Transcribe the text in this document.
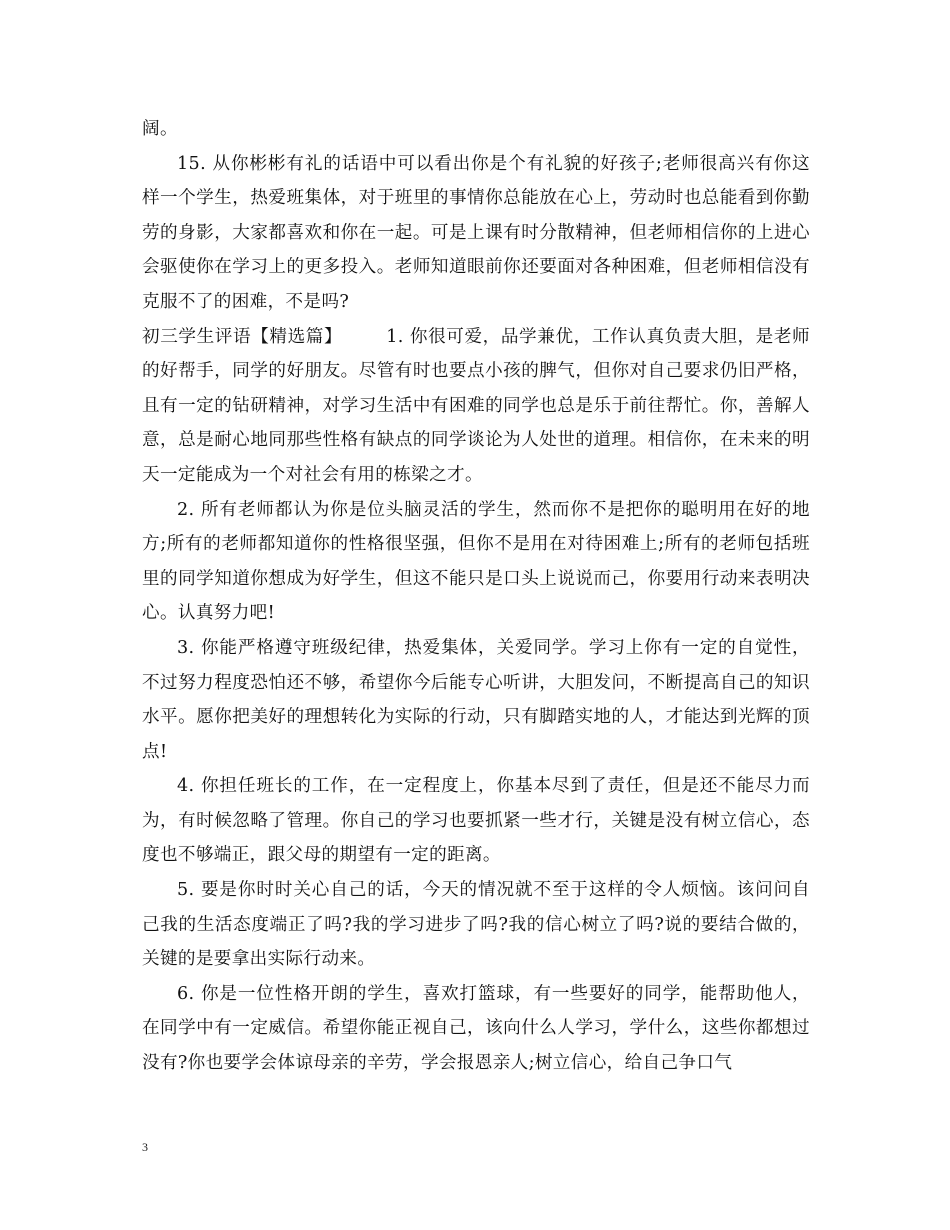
阔。

15. 从你彬彬有礼的话语中可以看出你是个有礼貌的好孩子;老师很高兴有你这样一个学生，热爱班集体，对于班里的事情你总能放在心上，劳动时也总能看到你勤劳的身影，大家都喜欢和你在一起。可是上课有时分散精神，但老师相信你的上进心会驱使你在学习上的更多投入。老师知道眼前你还要面对各种困难，但老师相信没有克服不了的困难，不是吗?

初三学生评语【精选篇】	1. 你很可爱，品学兼优，工作认真负责大胆，是老师的好帮手，同学的好朋友。尽管有时也要点小孩的脾气，但你对自己要求仍旧严格，且有一定的钻研精神，对学习生活中有困难的同学也总是乐于前往帮忙。你，善解人意，总是耐心地同那些性格有缺点的同学谈论为人处世的道理。相信你，在未来的明天一定能成为一个对社会有用的栋梁之才。

2. 所有老师都认为你是位头脑灵活的学生，然而你不是把你的聪明用在好的地方;所有的老师都知道你的性格很坚强，但你不是用在对待困难上;所有的老师包括班里的同学知道你想成为好学生，但这不能只是口头上说说而己，你要用行动来表明决心。认真努力吧!

3. 你能严格遵守班级纪律，热爱集体，关爱同学。学习上你有一定的自觉性，不过努力程度恐怕还不够，希望你今后能专心听讲，大胆发问，不断提高自己的知识水平。愿你把美好的理想转化为实际的行动，只有脚踏实地的人，才能达到光辉的顶点!

4. 你担任班长的工作，在一定程度上，你基本尽到了责任，但是还不能尽力而为，有时候忽略了管理。你自己的学习也要抓紧一些才行，关键是没有树立信心，态度也不够端正，跟父母的期望有一定的距离。

5. 要是你时时关心自己的话，今天的情况就不至于这样的令人烦恼。该问问自己我的生活态度端正了吗?我的学习进步了吗?我的信心树立了吗?说的要结合做的，关键的是要拿出实际行动来。

6. 你是一位性格开朗的学生，喜欢打篮球，有一些要好的同学，能帮助他人，在同学中有一定威信。希望你能正视自己，该向什么人学习，学什么，这些你都想过没有?你也要学会体谅母亲的辛劳，学会报恩亲人;树立信心，给自己争口气

3
